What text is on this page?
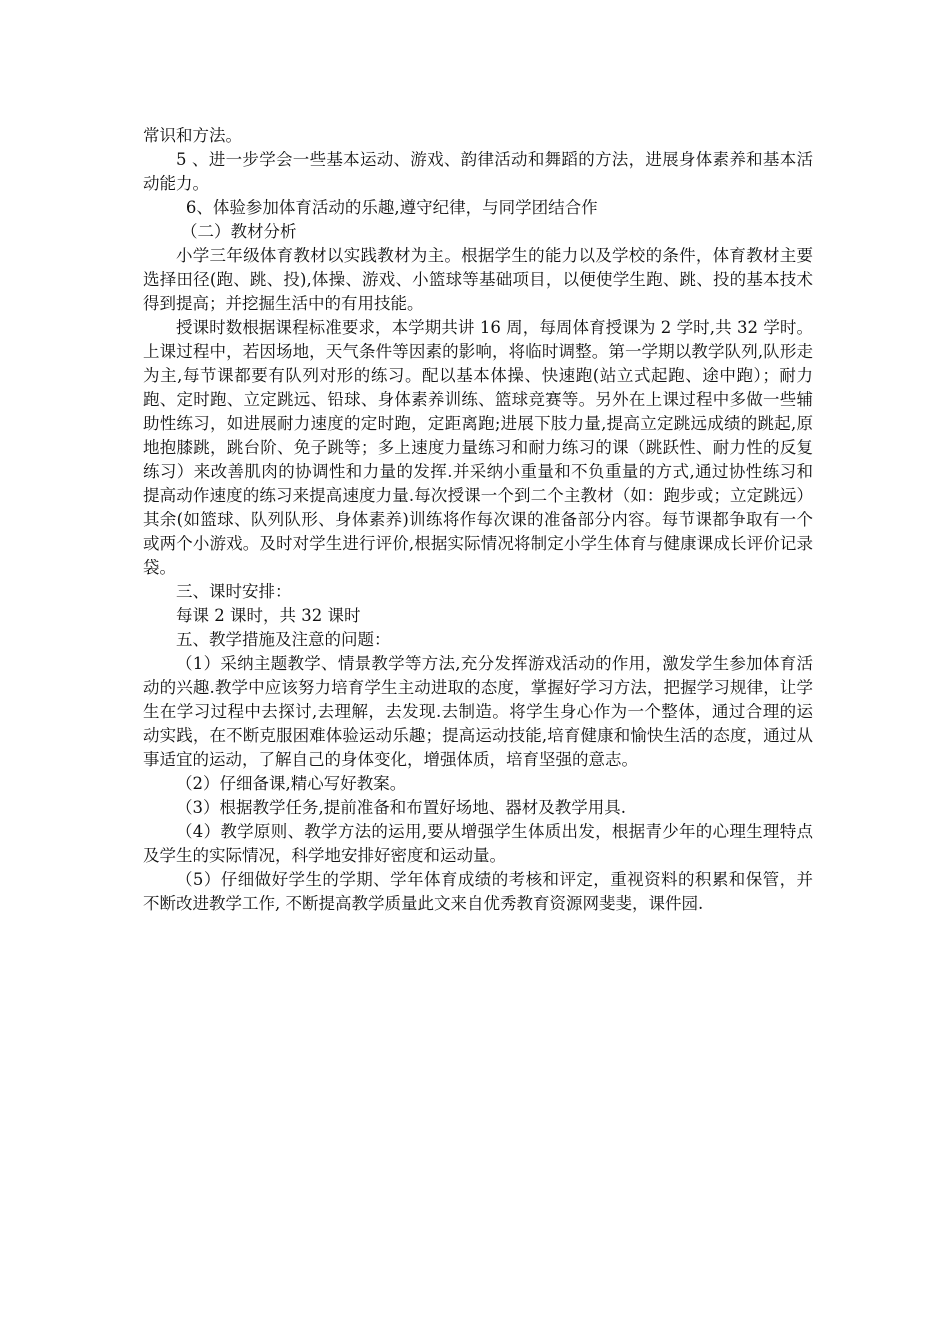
常识和方法。

5 、进一步学会一些基本运动、游戏、韵律活动和舞蹈的方法，进展身体素养和基本活动能力。

6、体验参加体育活动的乐趣,遵守纪律，与同学团结合作

（二）教材分析

小学三年级体育教材以实践教材为主。根据学生的能力以及学校的条件，体育教材主要选择田径(跑、跳、投),体操、游戏、小篮球等基础项目，以便使学生跑、跳、投的基本技术得到提高；并挖掘生活中的有用技能。

授课时数根据课程标准要求，本学期共讲 16 周，每周体育授课为 2 学时,共 32 学时。上课过程中，若因场地，天气条件等因素的影响，将临时调整。第一学期以教学队列,队形走为主,每节课都要有队列对形的练习。配以基本体操、快速跑(站立式起跑、途中跑）；耐力跑、定时跑、立定跳远、铅球、身体素养训练、篮球竞赛等。另外在上课过程中多做一些辅助性练习，如进展耐力速度的定时跑，定距离跑;进展下肢力量,提高立定跳远成绩的跳起,原地抱膝跳，跳台阶、免子跳等；多上速度力量练习和耐力练习的课（跳跃性、耐力性的反复练习）来改善肌肉的协调性和力量的发挥.并采纳小重量和不负重量的方式,通过协性练习和提高动作速度的练习来提高速度力量.每次授课一个到二个主教材（如：跑步或；立定跳远）其余(如篮球、队列队形、身体素养)训练将作每次课的准备部分内容。每节课都争取有一个或两个小游戏。及时对学生进行评价,根据实际情况将制定小学生体育与健康课成长评价记录袋。

三、课时安排：

每课 2 课时，共 32 课时

五、教学措施及注意的问题：

（1）采纳主题教学、情景教学等方法,充分发挥游戏活动的作用，激发学生参加体育活动的兴趣.教学中应该努力培育学生主动进取的态度，掌握好学习方法，把握学习规律，让学生在学习过程中去探讨,去理解，去发现.去制造。将学生身心作为一个整体，通过合理的运动实践，在不断克服困难体验运动乐趣；提高运动技能,培育健康和愉快生活的态度，通过从事适宜的运动，了解自己的身体变化，增强体质，培育坚强的意志。

（2）仔细备课,精心写好教案。

（3）根据教学任务,提前准备和布置好场地、器材及教学用具.

（4）教学原则、教学方法的运用,要从增强学生体质出发，根据青少年的心理生理特点及学生的实际情况，科学地安排好密度和运动量。

（5）仔细做好学生的学期、学年体育成绩的考核和评定，重视资料的积累和保管，并不断改进教学工作, 不断提高教学质量此文来自优秀教育资源网斐斐，课件园.
